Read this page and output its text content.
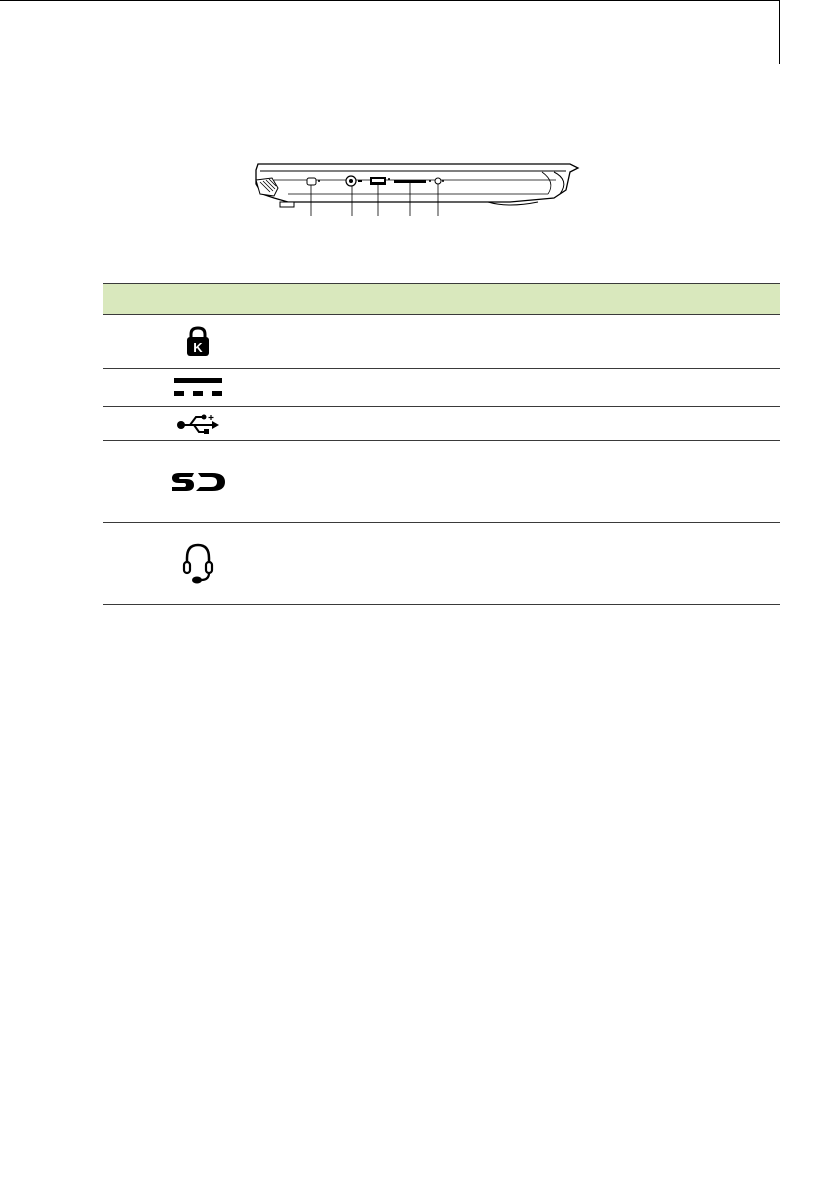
K		
